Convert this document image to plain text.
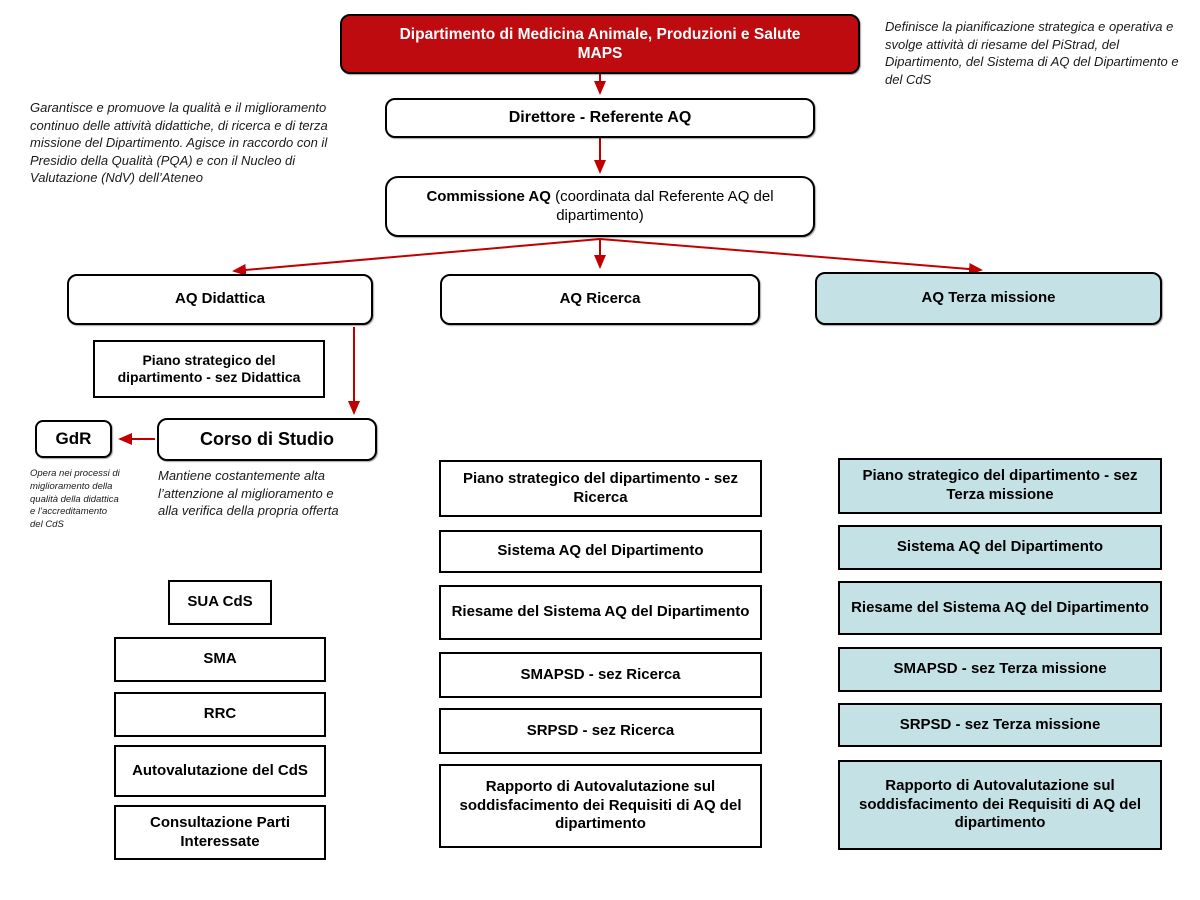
Dipartimento di Medicina Animale, Produzioni e Salute
MAPS
Definisce la pianificazione strategica e operativa e svolge attività di riesame del PiStrad, del Dipartimento, del Sistema di AQ del Dipartimento e del CdS
Garantisce e promuove la qualità e il miglioramento continuo delle attività didattiche, di ricerca e di terza missione del Dipartimento. Agisce in raccordo con il Presidio della Qualità (PQA) e con il Nucleo di Valutazione (NdV) dell’Ateneo
Direttore - Referente AQ
Commissione AQ (coordinata dal Referente AQ del dipartimento)
AQ Didattica	AQ Ricerca	AQ Terza missione
Piano strategico del dipartimento - sez Didattica
GdR	Corso di Studio
Opera nei processi di miglioramento della qualità della didattica e l’accreditamento del CdS
Mantiene costantemente alta l’attenzione al miglioramento e alla verifica della propria offerta
SUA CdS
SMA
RRC
Autovalutazione del CdS
Consultazione Parti Interessate
Piano strategico del dipartimento - sez Ricerca
Sistema AQ del Dipartimento
Riesame del Sistema AQ del Dipartimento
SMAPSD - sez Ricerca
SRPSD - sez Ricerca
Rapporto di Autovalutazione sul soddisfacimento dei Requisiti di AQ del dipartimento
Piano strategico del dipartimento - sez Terza missione
Sistema AQ del Dipartimento
Riesame del Sistema AQ del Dipartimento
SMAPSD - sez Terza missione
SRPSD - sez Terza missione
Rapporto di Autovalutazione sul soddisfacimento dei Requisiti di AQ del dipartimento
